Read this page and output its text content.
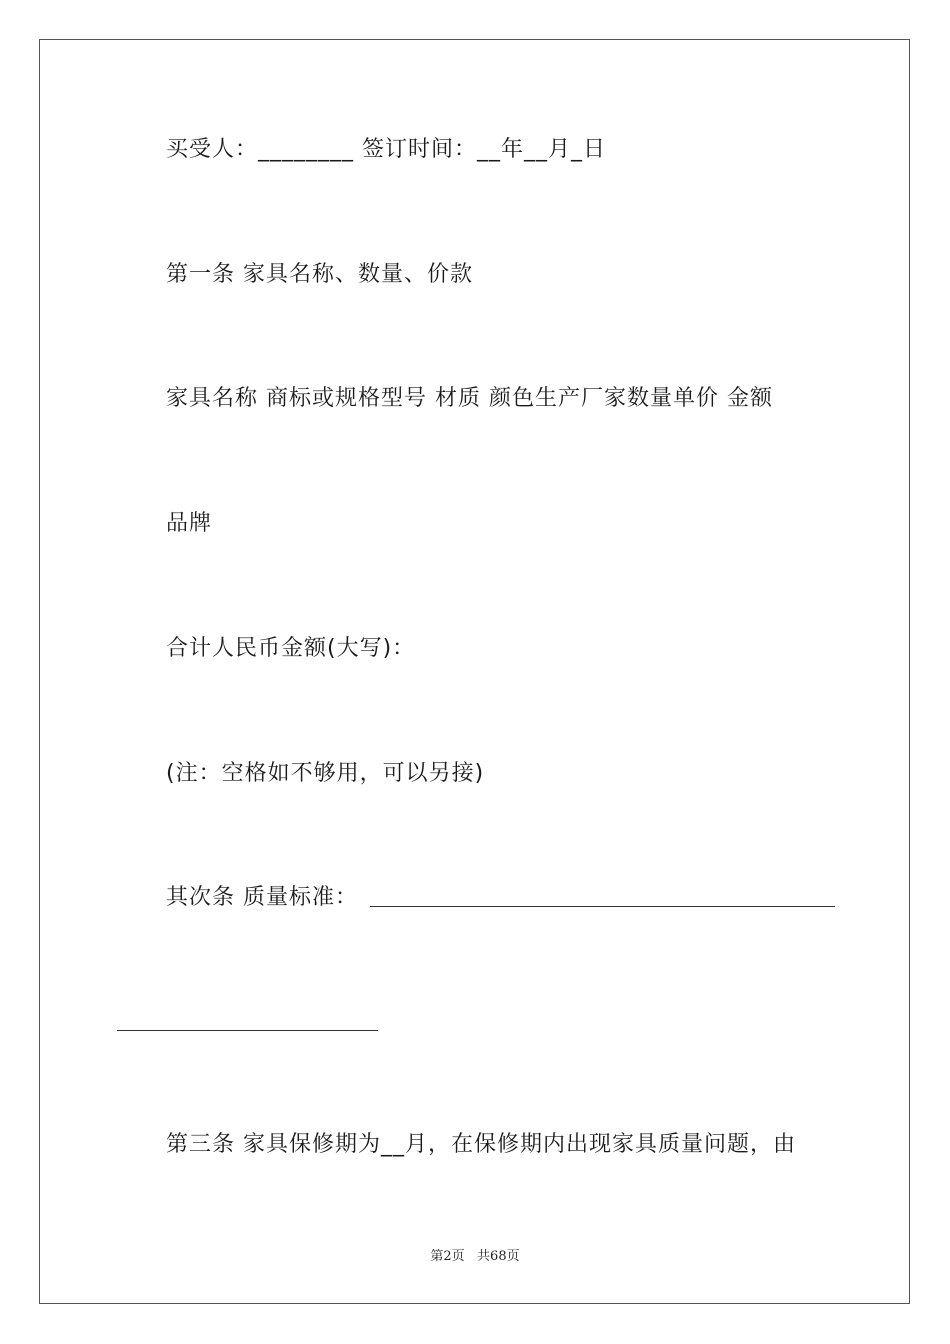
买受人：________ 签订时间：__年__月_日
第一条 家具名称、数量、价款
家具名称 商标或规格型号 材质 颜色生产厂家数量单价 金额
品牌
合计人民币金额(大写)：
(注：空格如不够用，可以另接)
其次条 质量标准：
第三条 家具保修期为__月，在保修期内出现家具质量问题，由
第2页   共68页
